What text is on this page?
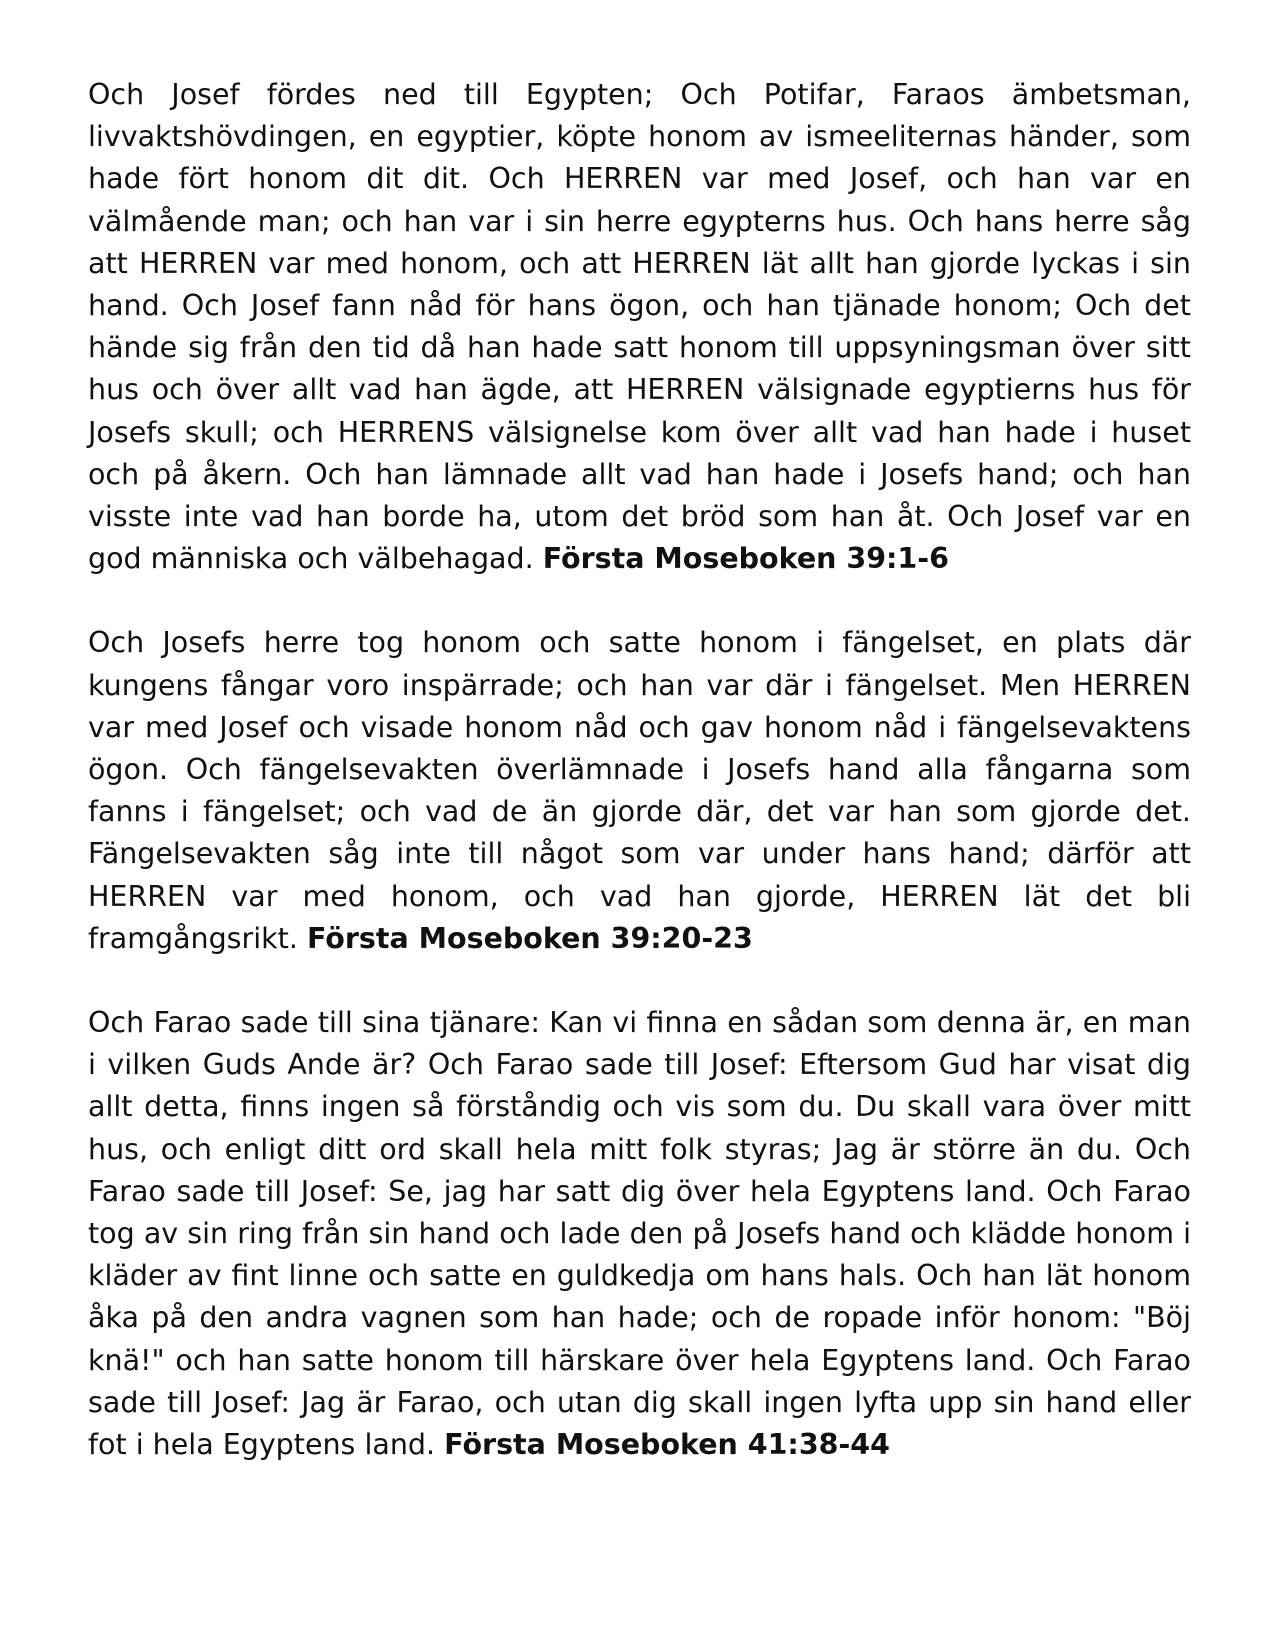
Och Josef fördes ned till Egypten; Och Potifar, Faraos ämbetsman, livvaktshövdingen, en egyptier, köpte honom av ismeeliternas händer, som hade fört honom dit dit. Och HERREN var med Josef, och han var en välmående man; och han var i sin herre egypterns hus. Och hans herre såg att HERREN var med honom, och att HERREN lät allt han gjorde lyckas i sin hand. Och Josef fann nåd för hans ögon, och han tjänade honom; Och det hände sig från den tid då han hade satt honom till uppsyningsman över sitt hus och över allt vad han ägde, att HERREN välsignade egyptierns hus för Josefs skull; och HERRENS välsignelse kom över allt vad han hade i huset och på åkern. Och han lämnade allt vad han hade i Josefs hand; och han visste inte vad han borde ha, utom det bröd som han åt. Och Josef var en god människa och välbehagad. Första Moseboken 39:1-6

Och Josefs herre tog honom och satte honom i fängelset, en plats där kungens fångar voro inspärrade; och han var där i fängelset. Men HERREN var med Josef och visade honom nåd och gav honom nåd i fängelsevaktens ögon. Och fängelsevakten överlämnade i Josefs hand alla fångarna som fanns i fängelset; och vad de än gjorde där, det var han som gjorde det. Fängelsevakten såg inte till något som var under hans hand; därför att HERREN var med honom, och vad han gjorde, HERREN lät det bli framgångsrikt. Första Moseboken 39:20-23

Och Farao sade till sina tjänare: Kan vi finna en sådan som denna är, en man i vilken Guds Ande är? Och Farao sade till Josef: Eftersom Gud har visat dig allt detta, finns ingen så förståndig och vis som du. Du skall vara över mitt hus, och enligt ditt ord skall hela mitt folk styras; Jag är större än du. Och Farao sade till Josef: Se, jag har satt dig över hela Egyptens land. Och Farao tog av sin ring från sin hand och lade den på Josefs hand och klädde honom i kläder av fint linne och satte en guldkedja om hans hals. Och han lät honom åka på den andra vagnen som han hade; och de ropade inför honom: "Böj knä!" och han satte honom till härskare över hela Egyptens land. Och Farao sade till Josef: Jag är Farao, och utan dig skall ingen lyfta upp sin hand eller fot i hela Egyptens land. Första Moseboken 41:38-44
